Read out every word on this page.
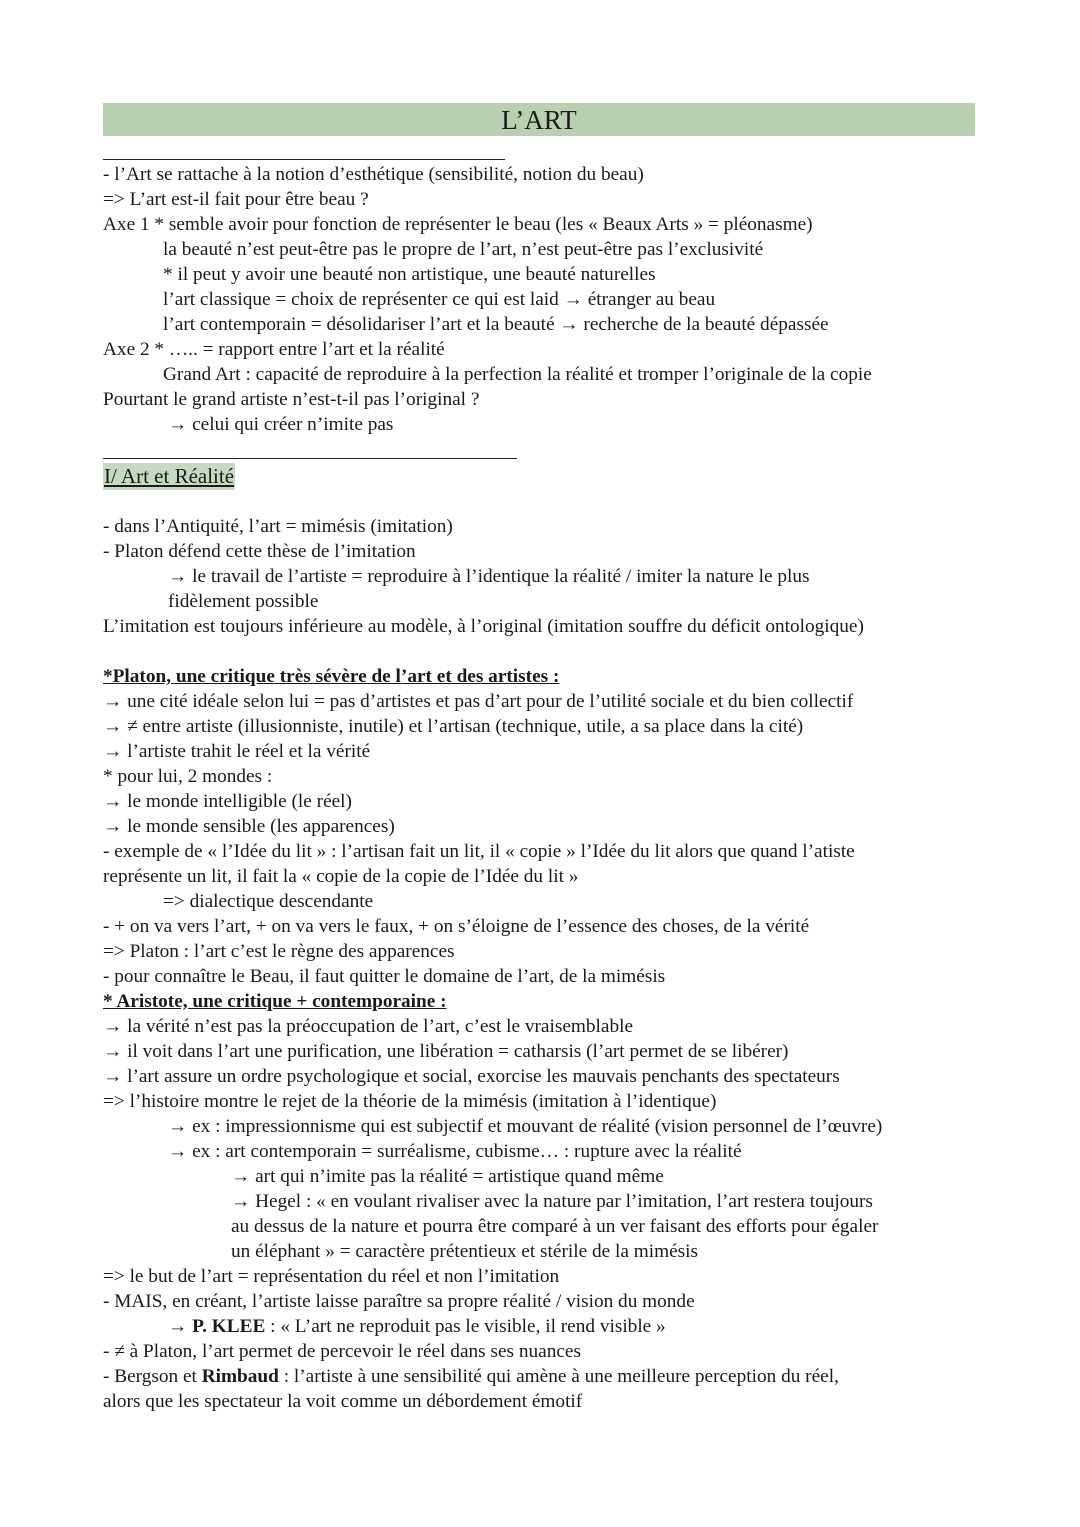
L’ART
- l’Art se rattache à la notion d’esthétique (sensibilité, notion du beau)
=> L’art est-il fait pour être beau ?
Axe 1 * semble avoir pour fonction de représenter le beau (les « Beaux Arts » = pléonasme)
la beauté n’est peut-être pas le propre de l’art, n’est peut-être pas l’exclusivité
* il peut y avoir une beauté non artistique, une beauté naturelles
l’art classique = choix de représenter ce qui est laid → étranger au beau
l’art contemporain = désolidariser l’art et la beauté → recherche de la beauté dépassée
Axe 2 * ….. = rapport entre l’art et la réalité
Grand Art : capacité de reproduire à la perfection la réalité et tromper l’originale de la copie
Pourtant le grand artiste n’est-t-il pas l’original ?
→ celui qui créer n’imite pas
I/ Art et Réalité
- dans l’Antiquité, l’art = mimésis (imitation)
- Platon défend cette thèse de l’imitation
→ le travail de l’artiste = reproduire à l’identique la réalité / imiter la nature le plus
fidèlement possible
L’imitation est toujours inférieure au modèle, à l’original (imitation souffre du déficit ontologique)
*Platon, une critique très sévère de l’art et des artistes :
→ une cité idéale selon lui = pas d’artistes et pas d’art pour de l’utilité sociale et du bien collectif
→ ≠ entre artiste (illusionniste, inutile) et l’artisan (technique, utile, a sa place dans la cité)
→ l’artiste trahit le réel et la vérité
* pour lui, 2 mondes :
→ le monde intelligible (le réel)
→ le monde sensible (les apparences)
- exemple de « l’Idée du lit » : l’artisan fait un lit, il « copie » l’Idée du lit alors que quand l’atiste
représente un lit, il fait la « copie de la copie de l’Idée du lit »
=> dialectique descendante
- + on va vers l’art, + on va vers le faux, + on s’éloigne de l’essence des choses, de la vérité
=> Platon : l’art c’est le règne des apparences
- pour connaître le Beau, il faut quitter le domaine de l’art, de la mimésis
* Aristote, une critique + contemporaine :
→ la vérité n’est pas la préoccupation de l’art, c’est le vraisemblable
→ il voit dans l’art une purification, une libération = catharsis (l’art permet de se libérer)
→ l’art assure un ordre psychologique et social, exorcise les mauvais penchants des spectateurs
=> l’histoire montre le rejet de la théorie de la mimésis (imitation à l’identique)
→ ex : impressionnisme qui est subjectif et mouvant de réalité (vision personnel de l’œuvre)
→ ex : art contemporain = surréalisme, cubisme… : rupture avec la réalité
→ art qui n’imite pas la réalité = artistique quand même
→ Hegel : « en voulant rivaliser avec la nature par l’imitation, l’art restera toujours
au dessus de la nature et pourra être comparé à un ver faisant des efforts pour égaler
un éléphant » = caractère prétentieux et stérile de la mimésis
=> le but de l’art = représentation du réel et non l’imitation
- MAIS, en créant, l’artiste laisse paraître sa propre réalité / vision du monde
→ P. KLEE : « L’art ne reproduit pas le visible, il rend visible »
- ≠ à Platon, l’art permet de percevoir le réel dans ses nuances
- Bergson et Rimbaud : l’artiste à une sensibilité qui amène à une meilleure perception du réel,
alors que les spectateur la voit comme un débordement émotif
